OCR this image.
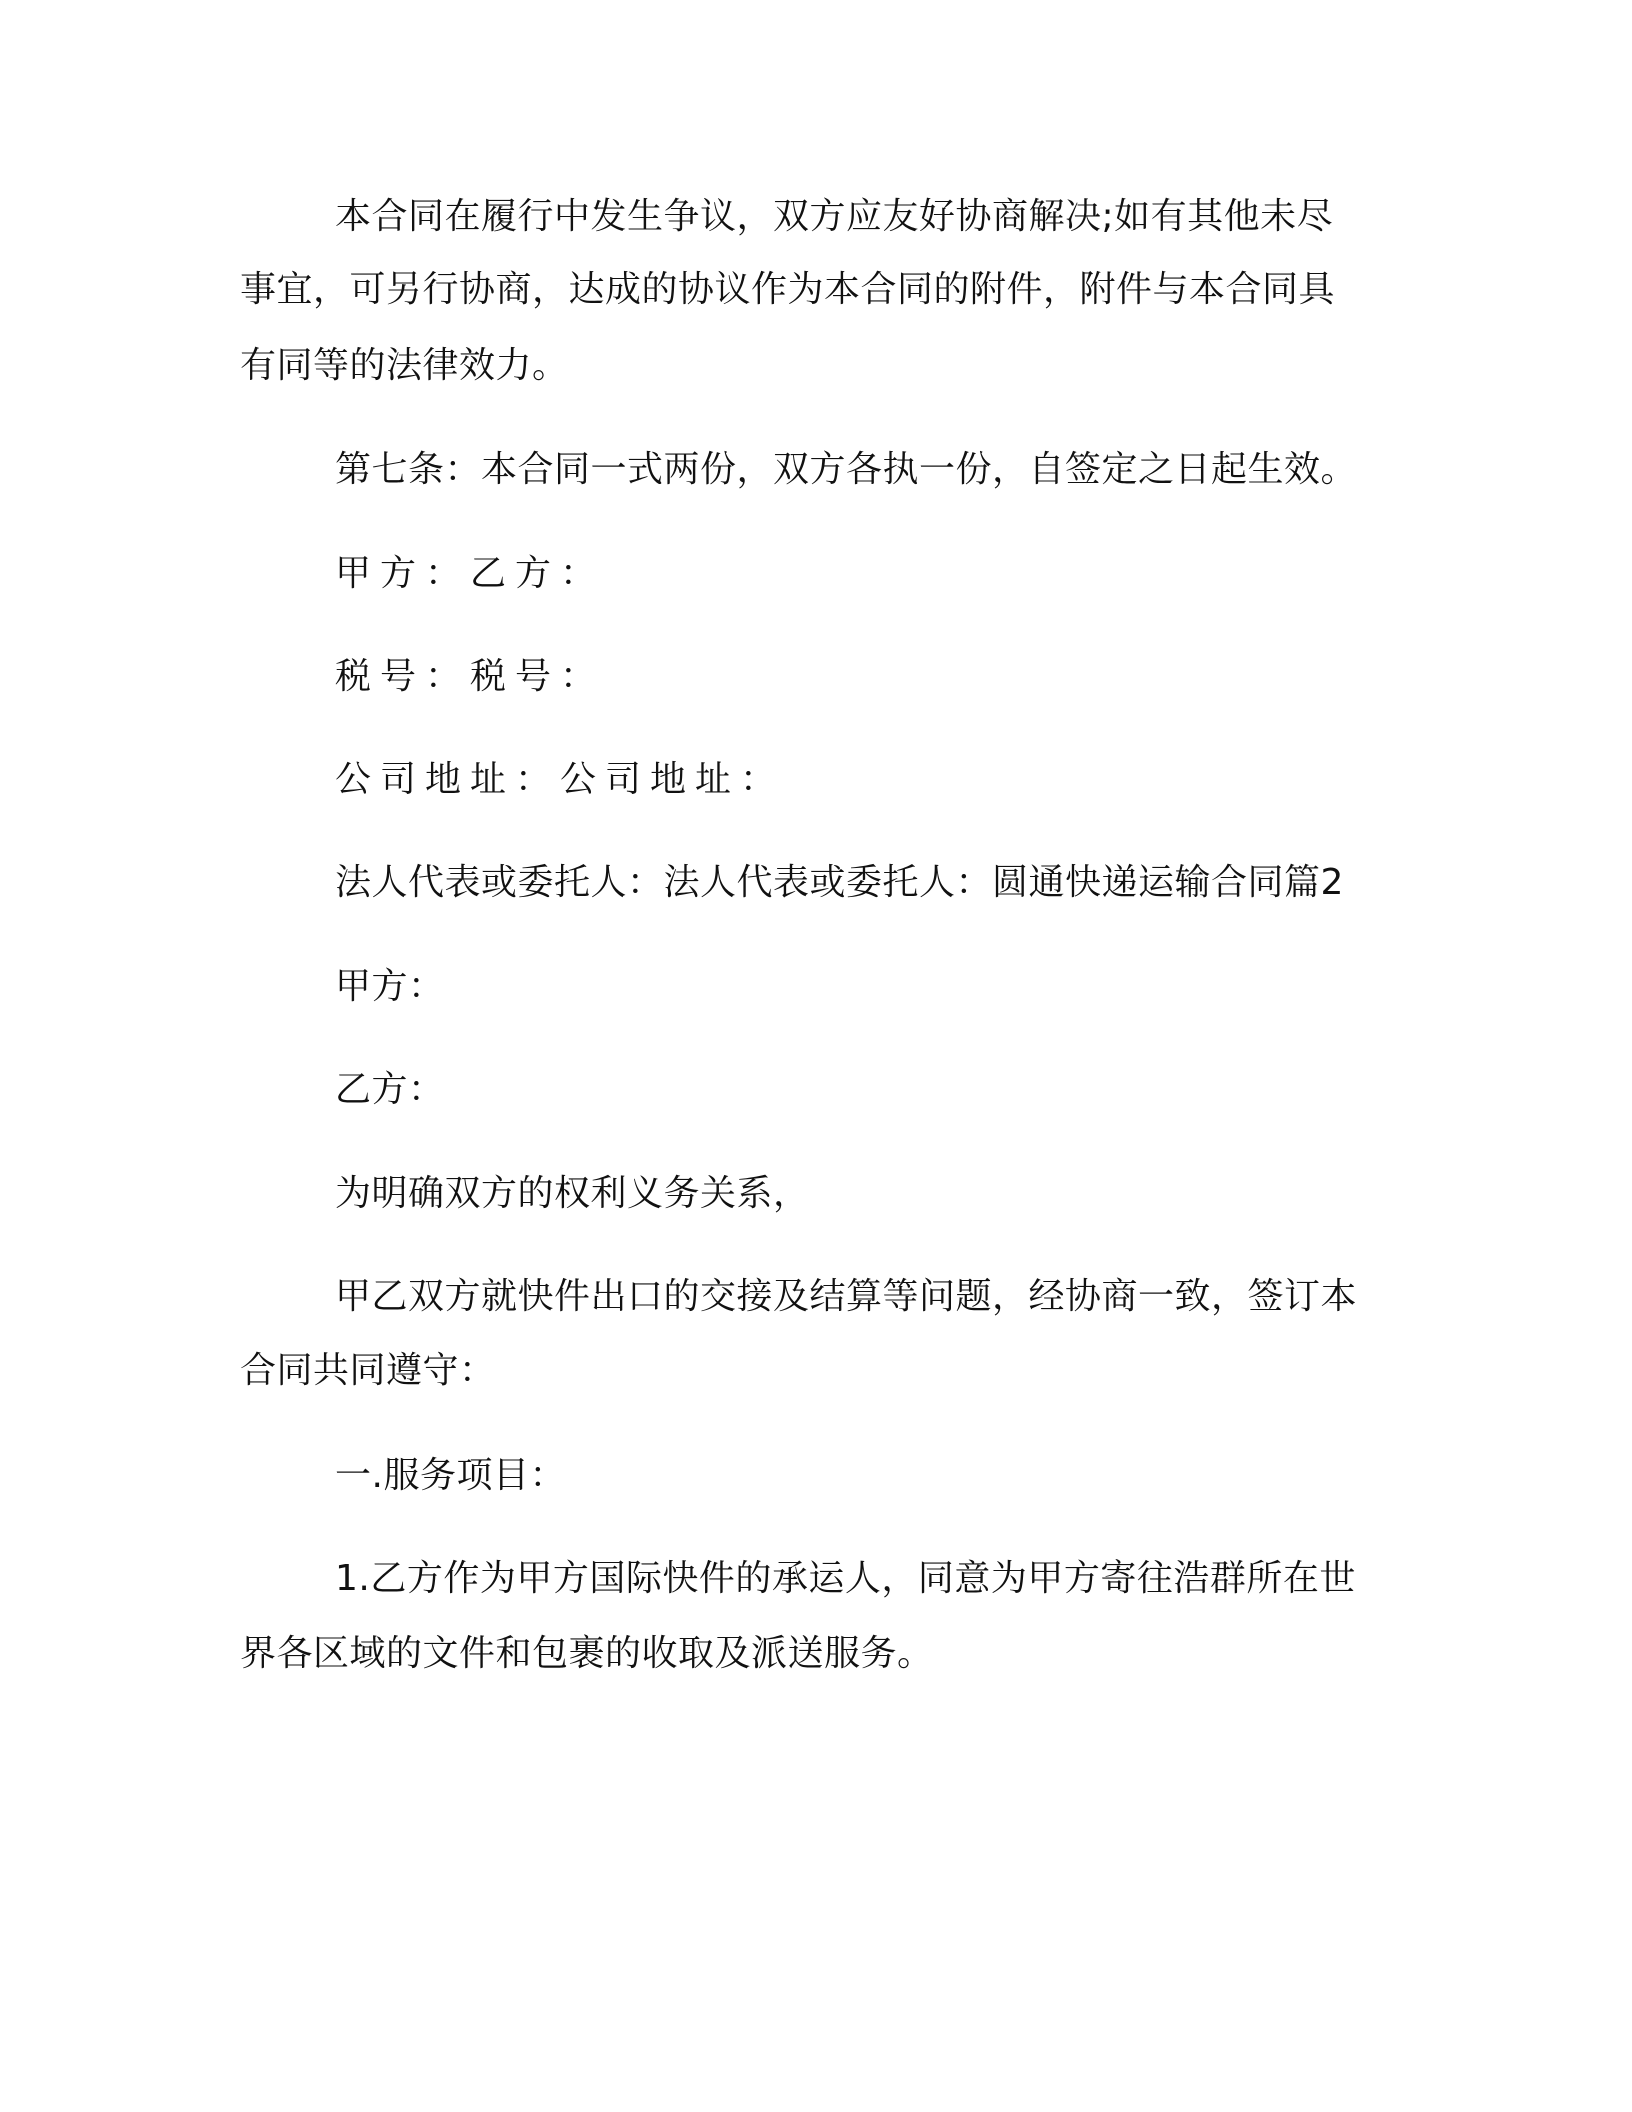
本合同在履行中发生争议，双方应友好协商解决;如有其他未尽

事宜，可另行协商，达成的协议作为本合同的附件，附件与本合同具

有同等的法律效力。

第七条：本合同一式两份，双方各执一份，自签定之日起生效。

甲方：乙方：

税号：税号：

公司地址：公司地址：

法人代表或委托人：法人代表或委托人：圆通快递运输合同篇2

甲方：

乙方：

为明确双方的权利义务关系，

甲乙双方就快件出口的交接及结算等问题，经协商一致，签订本

合同共同遵守：

一.服务项目：

1.乙方作为甲方国际快件的承运人，同意为甲方寄往浩群所在世

界各区域的文件和包裹的收取及派送服务。
